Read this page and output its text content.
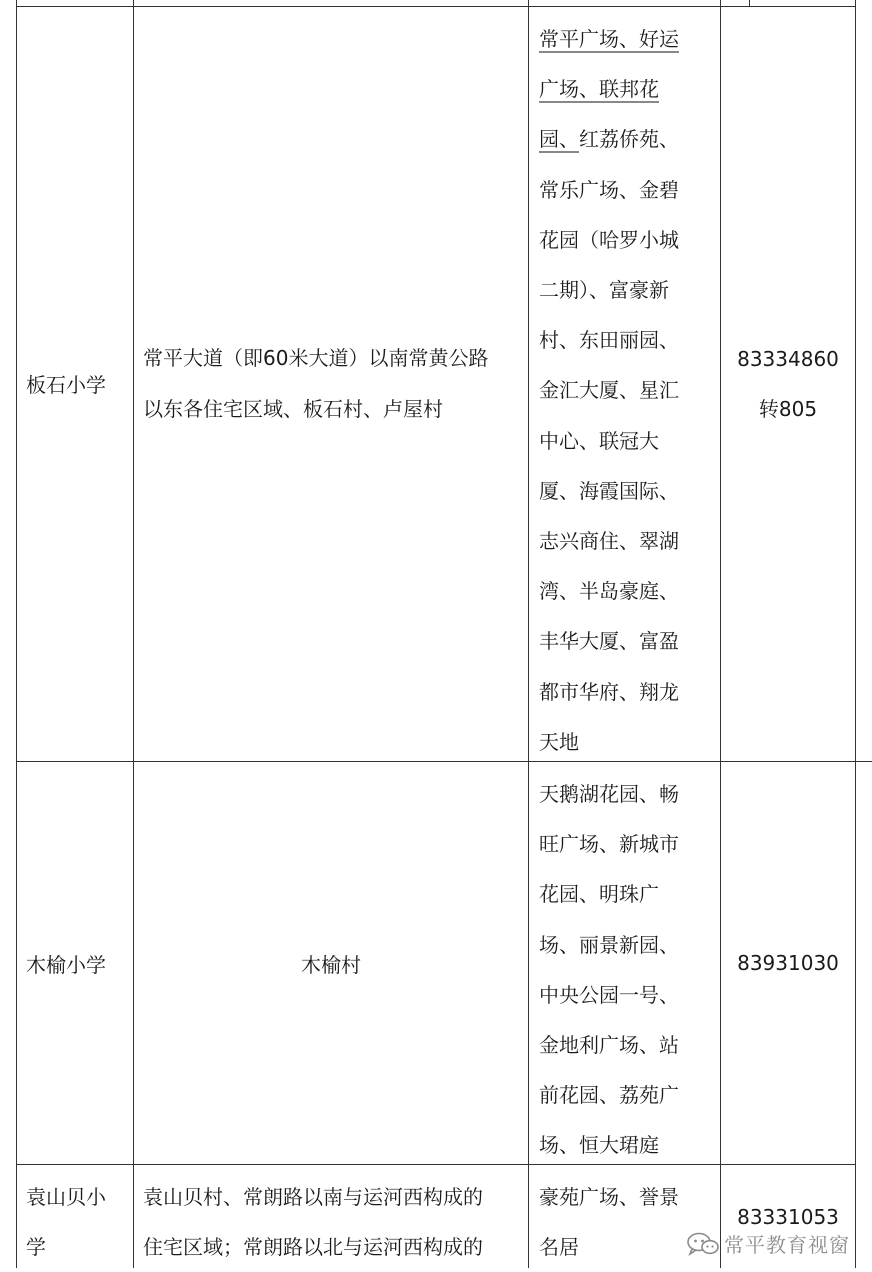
板石小学
常平大道（即60米大道）以南常黄公路
以东各住宅区域、板石村、卢屋村
常平广场、好运
广场、联邦花
园、红荔侨苑、
常乐广场、金碧
花园（哈罗小城
二期）、富豪新
村、东田丽园、
金汇大厦、星汇
中心、联冠大
厦、海霞国际、
志兴商住、翠湖
湾、半岛豪庭、
丰华大厦、富盈
都市华府、翔龙
天地
83334860
转805
木榆小学	木榆村
天鹅湖花园、畅
旺广场、新城市
花园、明珠广
场、丽景新园、
中央公园一号、
金地利广场、站
前花园、荔苑广
场、恒大珺庭
83931030
袁山贝小
学
袁山贝村、常朗路以南与运河西构成的
住宅区域；常朗路以北与运河西构成的
豪苑广场、誉景
名居
83331053
常平教育视窗
